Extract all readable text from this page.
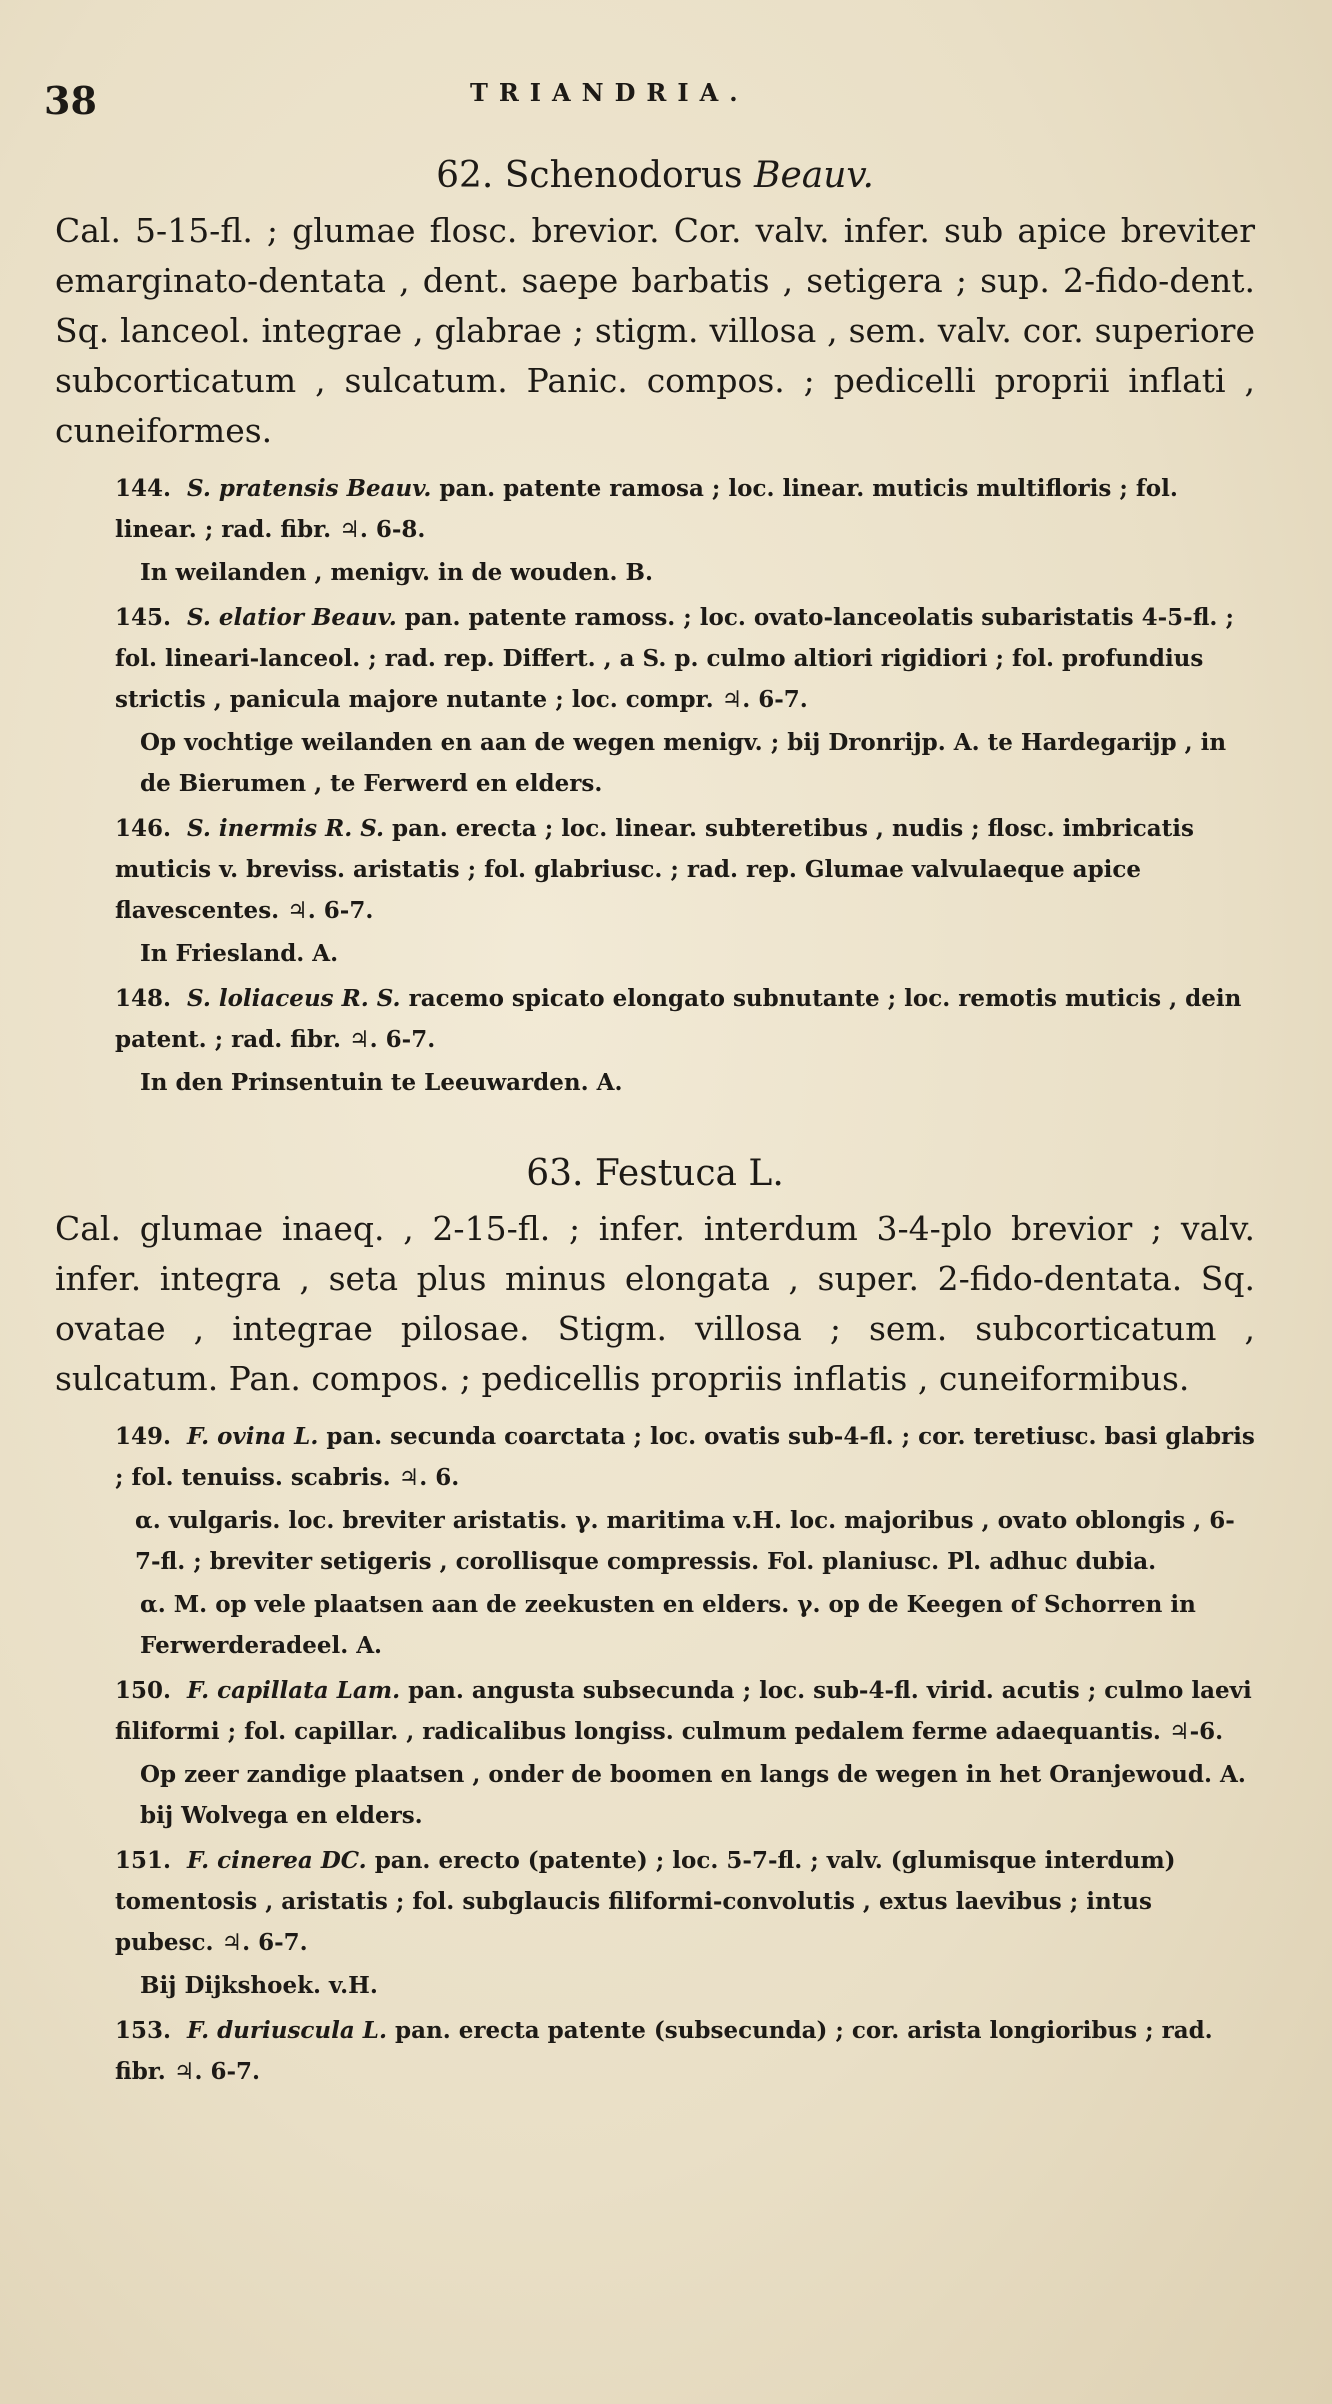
38	TRIANDRIA.
62. Schenodorus Beauv.
Cal. 5-15-fl. ; glumae flosc. brevior. Cor. valv. infer. sub apice breviter emarginato-dentata , dent. saepe barbatis , setigera ; sup. 2-fido-dent. Sq. lanceol. integrae , glabrae ; stigm. villosa , sem. valv. cor. superiore subcorticatum , sulcatum. Panic. compos. ; pedicelli proprii inflati , cuneiformes.
144. S. pratensis Beauv. pan. patente ramosa ; loc. linear. muticis multifloris ; fol. linear. ; rad. fibr. ♃. 6-8.
In weilanden , menigv. in de wouden. B.
145. S. elatior Beauv. pan. patente ramoss. ; loc. ovato-lanceolatis subaristatis 4-5-fl. ; fol. lineari-lanceol. ; rad. rep. Differt. , a S. p. culmo altiori rigidiori ; fol. profundius strictis , panicula majore nutante ; loc. compr. ♃. 6-7.
Op vochtige weilanden en aan de wegen menigv. ; bij Dronrijp. A. te Hardegarijp , in de Bierumen , te Ferwerd en elders.
146. S. inermis R. S. pan. erecta ; loc. linear. subteretibus , nudis ; flosc. imbricatis muticis v. breviss. aristatis ; fol. glabriusc. ; rad. rep. Glumae valvulaeque apice flavescentes. ♃. 6-7.
In Friesland. A.
148. S. loliaceus R. S. racemo spicato elongato subnutante ; loc. remotis muticis , dein patent. ; rad. fibr. ♃. 6-7.
In den Prinsentuin te Leeuwarden. A.
63. Festuca L.
Cal. glumae inaeq. , 2-15-fl. ; infer. interdum 3-4-plo brevior ; valv. infer. integra , seta plus minus elongata , super. 2-fido-dentata. Sq. ovatae , integrae pilosae. Stigm. villosa ; sem. subcorticatum , sulcatum. Pan. compos. ; pedicellis propriis inflatis , cuneiformibus.
149. F. ovina L. pan. secunda coarctata ; loc. ovatis sub-4-fl. ; cor. teretiusc. basi glabris ; fol. tenuiss. scabris. ♃. 6.
α. vulgaris. loc. breviter aristatis. γ. maritima v.H. loc. majoribus , ovato oblongis , 6-7-fl. ; breviter setigeris , corollisque compressis. Fol. planiusc. Pl. adhuc dubia.
α. M. op vele plaatsen aan de zeekusten en elders. γ. op de Keegen of Schorren in Ferwerderadeel. A.
150. F. capillata Lam. pan. angusta subsecunda ; loc. sub-4-fl. virid. acutis ; culmo laevi filiformi ; fol. capillar. , radicalibus longiss. culmum pedalem ferme adaequantis. ♃-6.
Op zeer zandige plaatsen , onder de boomen en langs de wegen in het Oranjewoud. A. bij Wolvega en elders.
151. F. cinerea DC. pan. erecto (patente) ; loc. 5-7-fl. ; valv. (glumisque interdum) tomentosis , aristatis ; fol. subglaucis filiformi-convolutis , extus laevibus ; intus pubesc. ♃. 6-7.
Bij Dijkshoek. v.H.
153. F. duriuscula L. pan. erecta patente (subsecunda) ; cor. arista longioribus ; rad. fibr. ♃. 6-7.
